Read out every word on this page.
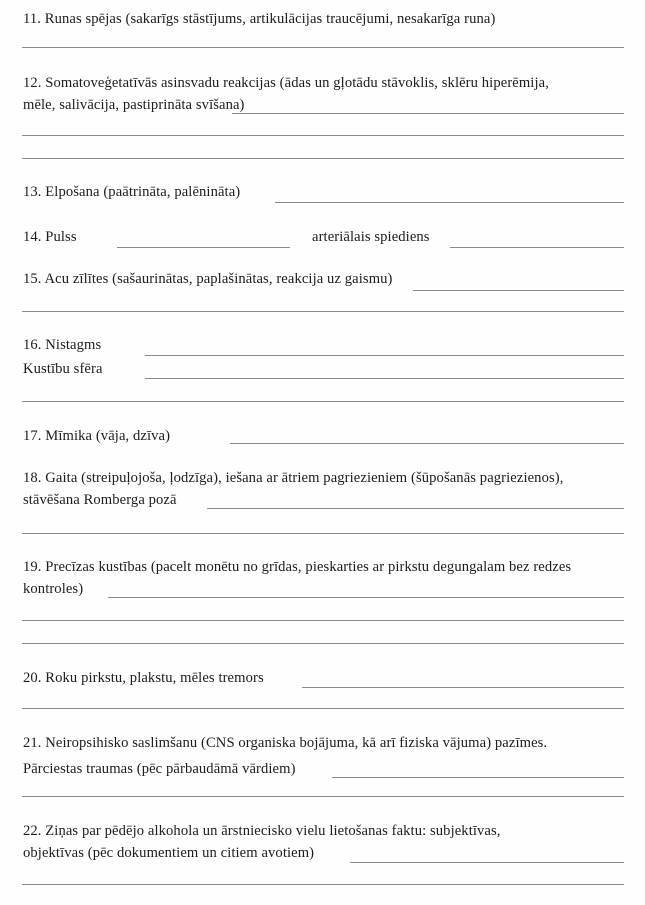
11. Runas spējas (sakarīgs stāstījums, artikulācijas traucējumi, nesakarīga runa)
12. Somatoveģetatīvās asinsvadu reakcijas (ādas un gļotādu stāvoklis, sklēru hiperēmija,
mēle, salivācija, pastiprināta svīšana)
13. Elpošana (paātrināta, palēnināta)
14. Pulss	arteriālais spiediens
15. Acu zīlītes (sašaurinātas, paplašinātas, reakcija uz gaismu)
16. Nistagms
Kustību sfēra
17. Mīmika (vāja, dzīva)
18. Gaita (streipuļojoša, ļodzīga), iešana ar ātriem pagriezieniem (šūpošanās pagriezienos),
stāvēšana Romberga pozā
19. Precīzas kustības (pacelt monētu no grīdas, pieskarties ar pirkstu degungalam bez redzes
kontroles)
20. Roku pirkstu, plakstu, mēles tremors
21. Neiropsihisko saslimšanu (CNS organiska bojājuma, kā arī fiziska vājuma) pazīmes.
Pārciestas traumas (pēc pārbaudāmā vārdiem)
22. Ziņas par pēdējo alkohola un ārstniecisko vielu lietošanas faktu: subjektīvas,
objektīvas (pēc dokumentiem un citiem avotiem)
